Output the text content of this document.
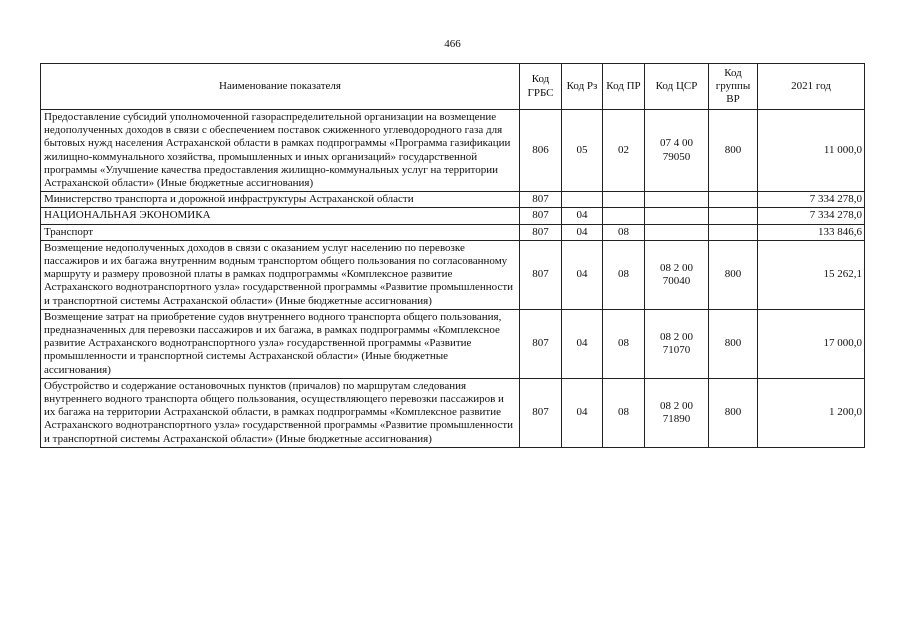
466
Наименование показателя	Код ГРБС	Код Рз	Код ПР	Код ЦСР	Код группы ВР	2021 год
Предоставление субсидий уполномоченной газораспределительной организации на возмещение недополученных доходов в связи с обеспечением поставок сжиженного углеводородного газа для бытовых нужд населения Астраханской области в рамках подпрограммы «Программа газификации жилищно-коммунального хозяйства, промышленных и иных организаций» государственной программы «Улучшение качества предоставления жилищно-коммунальных услуг на территории Астраханской области» (Иные бюджетные ассигнования)	806	05	02	07 4 00 79050	800	11 000,0
Министерство транспорта и дорожной инфраструктуры Астраханской области	807					7 334 278,0
НАЦИОНАЛЬНАЯ ЭКОНОМИКА	807	04				7 334 278,0
Транспорт	807	04	08			133 846,6
Возмещение недополученных доходов в связи с оказанием услуг населению по перевозке пассажиров и их багажа внутренним водным транспортом общего пользования по согласованному маршруту и размеру провозной платы в рамках подпрограммы «Комплексное развитие Астраханского воднотранспортного узла» государственной программы «Развитие промышленности и транспортной системы Астраханской области» (Иные бюджетные ассигнования)	807	04	08	08 2 00 70040	800	15 262,1
Возмещение затрат на приобретение судов внутреннего водного транспорта общего пользования, предназначенных для перевозки пассажиров и их багажа, в рамках подпрограммы «Комплексное развитие Астраханского воднотранспортного узла» государственной программы «Развитие промышленности и транспортной системы Астраханской области» (Иные бюджетные ассигнования)	807	04	08	08 2 00 71070	800	17 000,0
Обустройство и содержание остановочных пунктов (причалов) по маршрутам следования внутреннего водного транспорта общего пользования, осуществляющего перевозки пассажиров и их багажа на территории Астраханской области, в рамках подпрограммы «Комплексное развитие Астраханского воднотранспортного узла» государственной программы «Развитие промышленности и транспортной системы Астраханской области» (Иные бюджетные ассигнования)	807	04	08	08 2 00 71890	800	1 200,0
